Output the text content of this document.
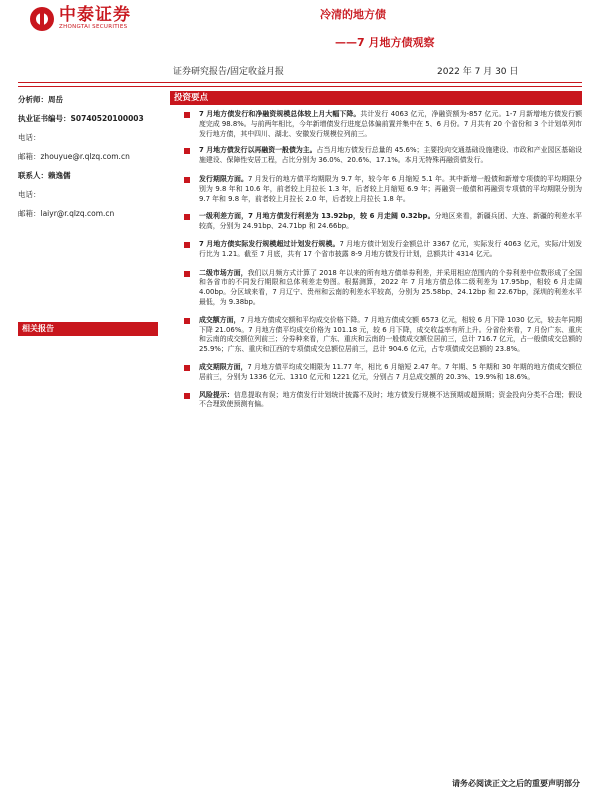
中泰证券
ZHONGTAI SECURITIES
冷清的地方债
——7 月地方债观察
证券研究报告/固定收益月报	2022 年 7 月 30 日
分析师：周岳
执业证书编号：S0740520100003
电话：
邮箱：zhouyue@r.qlzq.com.cn
联系人：赖逸儒
电话：
邮箱：laiyr@r.qlzq.com.cn
相关报告
投资要点
7 月地方债发行和净融资规模总体较上月大幅下降。共计发行 4063 亿元，净融资额为-857 亿元。1-7 月新增地方债发行额度完成 98.8%。与前两年相比，今年新增债发行进度总体偏前置并集中在 5、6 月份。7 月共有 20 个省份和 3 个计划单列市发行地方债，其中四川、湖北、安徽发行规模位列前三。
7 月地方债发行以再融资一般债为主。占当月地方债发行总量的 45.6%；主要投向交通基础设施建设、市政和产业园区基础设施建设、保障性安居工程，占比分别为 36.0%、20.6%、17.1%。本月无特殊再融资债发行。
发行期限方面。7 月发行的地方债平均期限为 9.7 年，较今年 6 月缩短 5.1 年。其中新增一般债和新增专项债的平均期限分别为 9.8 年和 10.6 年，前者较上月拉长 1.3 年，后者较上月缩短 6.9 年；再融资一般债和再融资专项债的平均期限分别为 9.7 年和 9.8 年，前者较上月拉长 2.0 年，后者较上月拉长 1.8 年。
一级利差方面，7 月地方债发行利差为 13.92bp，较 6 月走阔 0.32bp。分地区来看，新疆兵团、大连、新疆的利差水平较高，分别为 24.91bp、24.71bp 和 24.66bp。
7 月地方债实际发行规模超过计划发行规模。7 月地方债计划发行金额总计 3367 亿元，实际发行 4063 亿元，实际/计划发行比为 1.21。截至 7 月底，共有 17 个省市披露 8-9 月地方债发行计划，总额共计 4314 亿元。
二级市场方面，我们以月频方式计算了 2018 年以来的所有地方债单券利差，并采用相应范围内的个券利差中位数形成了全国和各省市的不同发行期限和总体利差走势图。根据测算，2022 年 7 月地方债总体二级利差为 17.95bp，相较 6 月走阔 4.00bp。分区域来看，7 月辽宁、贵州和云南的利差水平较高，分别为 25.58bp、24.12bp 和 22.67bp，深圳的利差水平最低，为 9.38bp。
成交额方面，7 月地方债成交额和平均成交价格下降。7 月地方债成交额 6573 亿元，相较 6 月下降 1030 亿元，较去年同期下降 21.06%。7 月地方债平均成交价格为 101.18 元，较 6 月下降，成交收益率有所上升。分省份来看，7 月份广东、重庆和云南的成交额位列前三；分券种来看，广东、重庆和云南的一般债成交额位居前三，总计 716.7 亿元，占一般债成交总额的 25.9%；广东、重庆和江西的专项债成交总额位居前三，总计 904.6 亿元，占专项债成交总额的 23.8%。
成交期限方面，7 月地方债平均成交期限为 11.77 年，相比 6 月缩短 2.47 年。7 年期、5 年期和 30 年期的地方债成交额位居前三，分别为 1336 亿元、1310 亿元和 1221 亿元，分别占 7 月总成交额的 20.3%、19.9%和 18.6%。
风险提示：信息提取有误；地方债发行计划统计披露不及时；地方债发行规模不达预期或超预期；资金投向分类不合理；假设不合理致使预测有偏。
请务必阅读正文之后的重要声明部分
